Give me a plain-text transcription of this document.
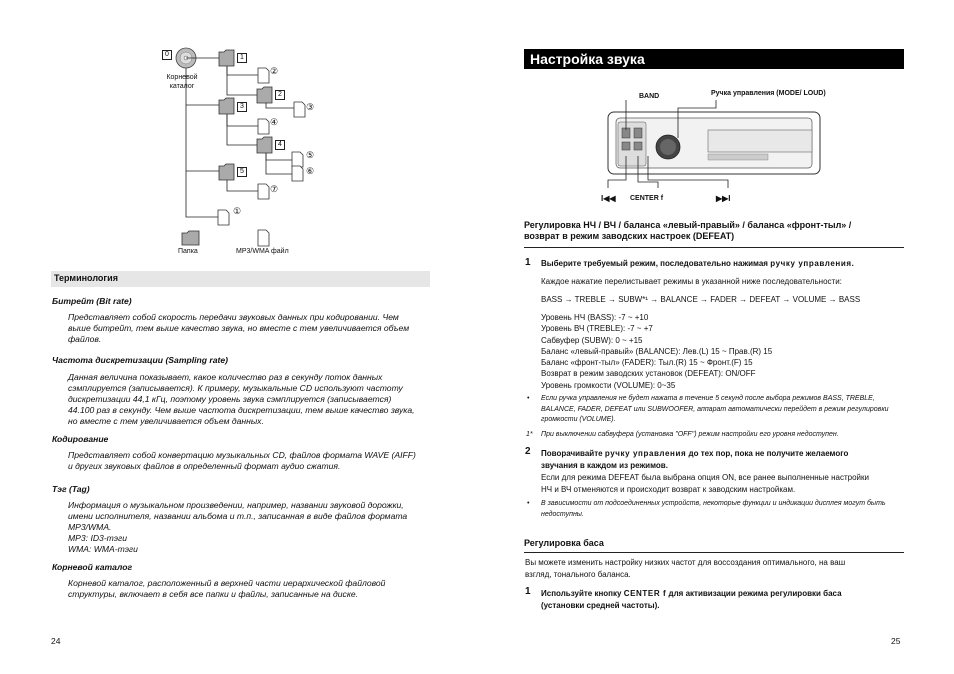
0
Корневой
каталог
1
2
3
4
5
②
③
④
⑤
⑥
⑦
①
Папка	MP3/WMA файл
Терминология
Битрейт (Bit rate)
Представляет собой скорость передачи звуковых данных при кодировании. Чем
выше битрейт, тем выше качество звука, но вместе с тем увеличивается объем
файлов.
Частота дискретизации (Sampling rate)
Данная величина показывает, какое количество раз в секунду поток данных
сэмплируется (записывается). К примеру, музыкальные CD используют частоту
дискретизации 44,1 кГц, поэтому уровень звука сэмплируется (записывается)
44.100 раз в секунду. Чем выше частота дискретизации, тем выше качество звука,
но вместе с тем увеличивается объем данных.
Кодирование
Представляет собой конвертацию музыкальных CD, файлов формата WAVE (AIFF)
и других звуковых файлов в определенный формат аудио сжатия.
Тэг (Tag)
Информация о музыкальном произведении, например, названии звуковой дорожки,
имени исполнителя, названии альбома и т.п., записанная в виде файлов формата
MP3/WMA.
MP3: ID3-тэги
WMA: WMA-тэги
Корневой каталог
Корневой каталог, расположенный в верхней части иерархической файловой
структуры, включает в себя все папки и файлы, записанные на диске.
24
Настройка звука
BAND	Ручка управления (MODE/ LOUD)
I◀◀ CENTER f	▶▶I
Регулировка НЧ / ВЧ / баланса «левый-правый» / баланса «фронт-тыл» /
возврат в режим заводских настроек (DEFEAT)
1 Выберите требуемый режим, последовательно нажимая ручку управления.
Каждое нажатие перелистывает режимы в указанной ниже последовательности:
BASS → TREBLE → SUBW*¹ → BALANCE → FADER → DEFEAT → VOLUME → BASS
Уровень НЧ (BASS): -7 ~ +10
Уровень ВЧ (TREBLE): -7 ~ +7
Сабвуфер (SUBW): 0 ~ +15
Баланс «левый-правый» (BALANCE): Лев.(L) 15 ~ Прав.(R) 15
Баланс «фронт-тыл» (FADER): Тыл.(R) 15 ~ Фронт.(F) 15
Возврат в режим заводских установок (DEFEAT): ON/OFF
Уровень громкости (VOLUME): 0~35
• Если ручка управления не будет нажата в течение 5 секунд после выбора режимов BASS, TREBLE,
BALANCE, FADER, DEFEAT или SUBWOOFER, аппарат автоматически перейдет в режим регулировки
громкости (VOLUME).
1* При выключении сабвуфера (установка "OFF") режим настройки его уровня недоступен.
2 Поворачивайте ручку управления до тех пор, пока не получите желаемого
звучания в каждом из режимов.
Если для режима DEFEAT была выбрана опция ON, все ранее выполненные настройки
НЧ и ВЧ отменяются и происходит возврат к заводским настройкам.
• В зависимости от подсоединенных устройств, некоторые функции и индикации дисплея могут быть
недоступны.
Регулировка баса
Вы можете изменить настройку низких частот для воссоздания оптимального, на ваш
взгляд, тонального баланса.
1 Используйте кнопку CENTER f для активизации режима регулировки баса
(установки средней частоты).
25
